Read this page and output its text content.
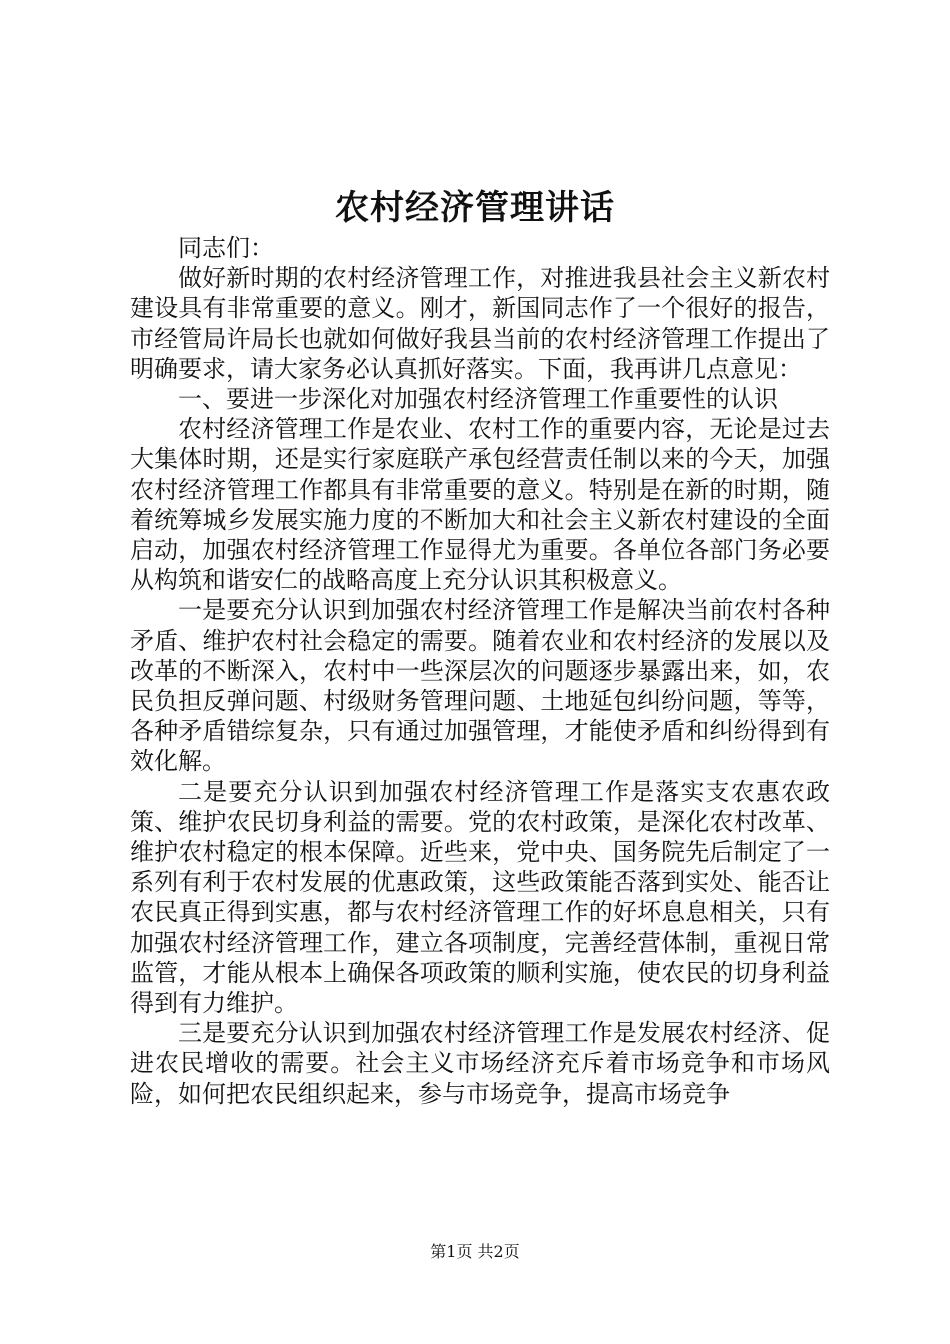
农村经济管理讲话

同志们：

做好新时期的农村经济管理工作，对推进我县社会主义新农村建设具有非常重要的意义。刚才，新国同志作了一个很好的报告，市经管局许局长也就如何做好我县当前的农村经济管理工作提出了明确要求，请大家务必认真抓好落实。下面，我再讲几点意见：

一、要进一步深化对加强农村经济管理工作重要性的认识

农村经济管理工作是农业、农村工作的重要内容，无论是过去大集体时期，还是实行家庭联产承包经营责任制以来的今天，加强农村经济管理工作都具有非常重要的意义。特别是在新的时期，随着统筹城乡发展实施力度的不断加大和社会主义新农村建设的全面启动，加强农村经济管理工作显得尤为重要。各单位各部门务必要从构筑和谐安仁的战略高度上充分认识其积极意义。

一是要充分认识到加强农村经济管理工作是解决当前农村各种矛盾、维护农村社会稳定的需要。随着农业和农村经济的发展以及改革的不断深入，农村中一些深层次的问题逐步暴露出来，如，农民负担反弹问题、村级财务管理问题、土地延包纠纷问题，等等，各种矛盾错综复杂，只有通过加强管理，才能使矛盾和纠纷得到有效化解。

二是要充分认识到加强农村经济管理工作是落实支农惠农政策、维护农民切身利益的需要。党的农村政策，是深化农村改革、维护农村稳定的根本保障。近些来，党中央、国务院先后制定了一系列有利于农村发展的优惠政策，这些政策能否落到实处、能否让农民真正得到实惠，都与农村经济管理工作的好坏息息相关，只有加强农村经济管理工作，建立各项制度，完善经营体制，重视日常监管，才能从根本上确保各项政策的顺利实施，使农民的切身利益得到有力维护。

三是要充分认识到加强农村经济管理工作是发展农村经济、促进农民增收的需要。社会主义市场经济充斥着市场竞争和市场风险，如何把农民组织起来，参与市场竞争，提高市场竞争

第1页 共2页
